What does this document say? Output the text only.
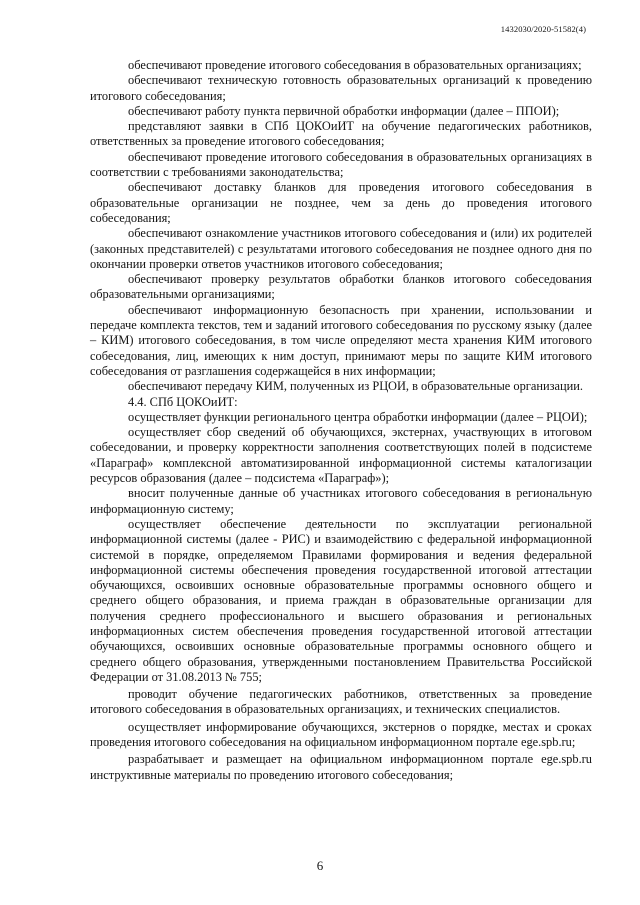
1432030/2020-51582(4)

обеспечивают проведение итогового собеседования в образовательных организациях;

обеспечивают техническую готовность образовательных организаций к проведению итогового собеседования;

обеспечивают работу пункта первичной обработки информации (далее – ППОИ);

представляют заявки в СПб ЦОКОиИТ на обучение педагогических работников, ответственных за проведение итогового собеседования;

обеспечивают проведение итогового собеседования в образовательных организациях в соответствии с требованиями законодательства;

обеспечивают доставку бланков для проведения итогового собеседования в образовательные организации не позднее, чем за день до проведения итогового собеседования;

обеспечивают ознакомление участников итогового собеседования и (или) их родителей (законных представителей) с результатами итогового собеседования не позднее одного дня по окончании проверки ответов участников итогового собеседования;

обеспечивают проверку результатов обработки бланков итогового собеседования образовательными организациями;

обеспечивают информационную безопасность при хранении, использовании и передаче комплекта текстов, тем и заданий итогового собеседования по русскому языку (далее – КИМ) итогового собеседования, в том числе определяют места хранения КИМ итогового собеседования, лиц, имеющих к ним доступ, принимают меры по защите КИМ итогового собеседования от разглашения содержащейся в них информации;

обеспечивают передачу КИМ, полученных из РЦОИ, в образовательные организации.

4.4. СПб ЦОКОиИТ:

осуществляет функции регионального центра обработки информации (далее – РЦОИ);

осуществляет сбор сведений об обучающихся, экстернах, участвующих в итоговом собеседовании, и проверку корректности заполнения соответствующих полей в подсистеме «Параграф» комплексной автоматизированной информационной системы каталогизации ресурсов образования (далее – подсистема «Параграф»);

вносит полученные данные об участниках итогового собеседования в региональную информационную систему;

осуществляет обеспечение деятельности по эксплуатации региональной информационной системы (далее - РИС) и взаимодействию с федеральной информационной системой в порядке, определяемом Правилами формирования и ведения федеральной информационной системы обеспечения проведения государственной итоговой аттестации обучающихся, освоивших основные образовательные программы основного общего и среднего общего образования, и приема граждан в образовательные организации для получения среднего профессионального и высшего образования и региональных информационных систем обеспечения проведения государственной итоговой аттестации обучающихся, освоивших основные образовательные программы основного общего и среднего общего образования, утвержденными постановлением Правительства Российской Федерации от 31.08.2013 № 755;

проводит обучение педагогических работников, ответственных за проведение итогового собеседования в образовательных организациях, и технических специалистов.

осуществляет информирование обучающихся, экстернов о порядке, местах и сроках проведения итогового собеседования на официальном информационном портале ege.spb.ru;

разрабатывает и размещает на официальном информационном портале ege.spb.ru инструктивные материалы по проведению итогового собеседования;

6
